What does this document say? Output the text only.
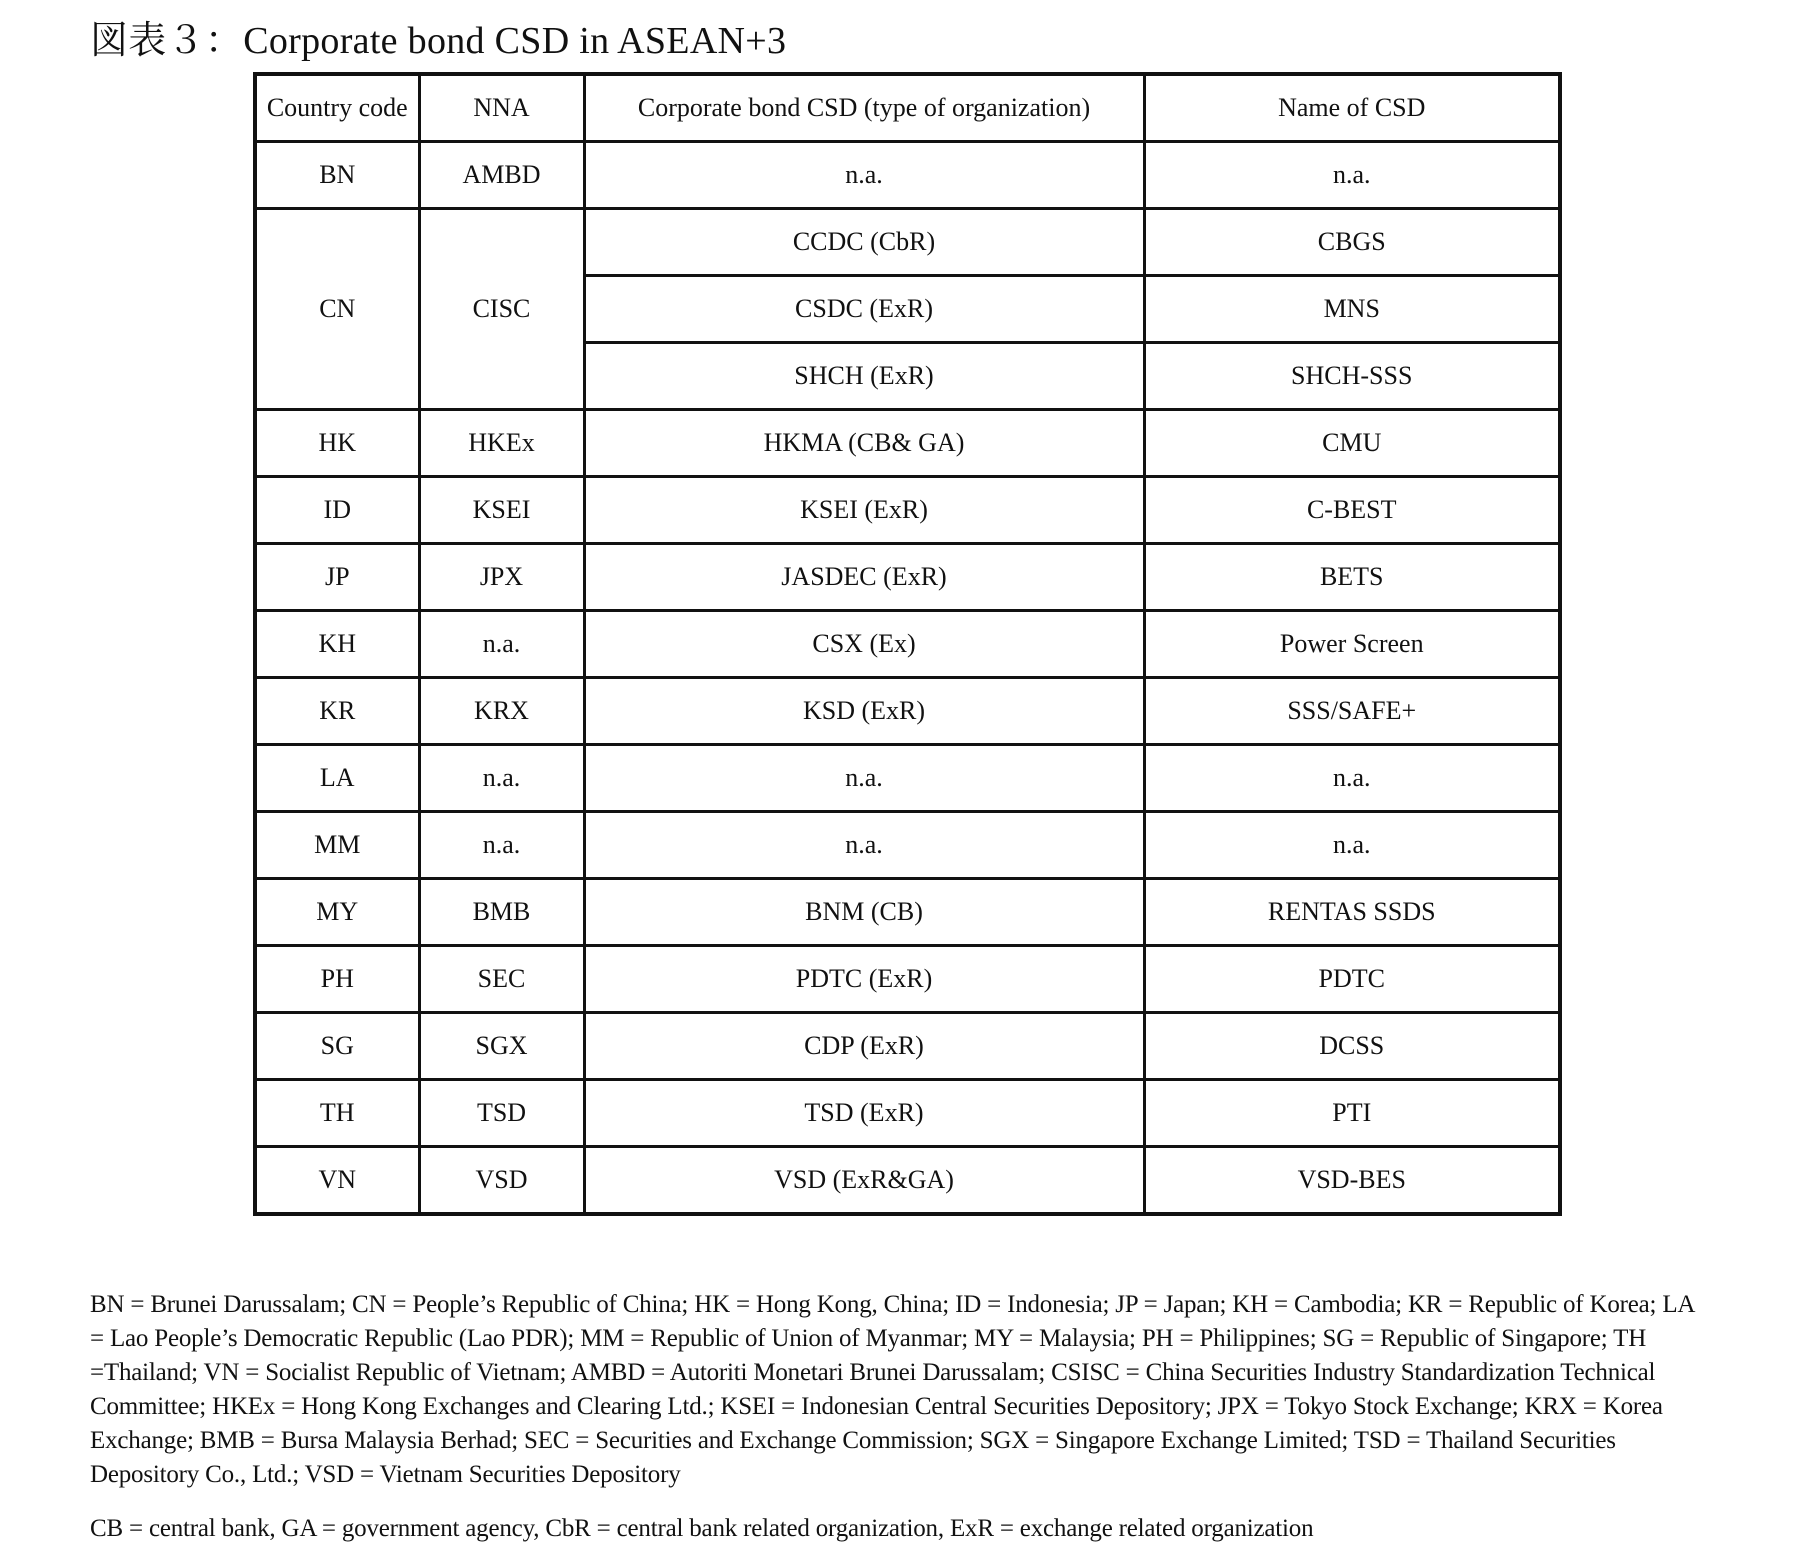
図表３：Corporate bond CSD in ASEAN+3
Country code	NNA	Corporate bond CSD (type of organization)	Name of CSD
BN	AMBD	n.a.	n.a.
CN	CISC	CCDC (CbR)	CBGS
		CSDC (ExR)	MNS
		SHCH (ExR)	SHCH-SSS
HK	HKEx	HKMA (CB& GA)	CMU
ID	KSEI	KSEI (ExR)	C-BEST
JP	JPX	JASDEC (ExR)	BETS
KH	n.a.	CSX (Ex)	Power Screen
KR	KRX	KSD (ExR)	SSS/SAFE+
LA	n.a.	n.a.	n.a.
MM	n.a.	n.a.	n.a.
MY	BMB	BNM (CB)	RENTAS SSDS
PH	SEC	PDTC (ExR)	PDTC
SG	SGX	CDP (ExR)	DCSS
TH	TSD	TSD (ExR)	PTI
VN	VSD	VSD (ExR&GA)	VSD-BES

BN = Brunei Darussalam; CN = People’s Republic of China; HK = Hong Kong, China; ID = Indonesia; JP = Japan; KH = Cambodia; KR = Republic of Korea; LA = Lao People’s Democratic Republic (Lao PDR); MM = Republic of Union of Myanmar; MY = Malaysia; PH = Philippines; SG = Republic of Singapore; TH =Thailand; VN = Socialist Republic of Vietnam; AMBD = Autoriti Monetari Brunei Darussalam; CSISC = China Securities Industry Standardization Technical Committee; HKEx = Hong Kong Exchanges and Clearing Ltd.; KSEI = Indonesian Central Securities Depository; JPX = Tokyo Stock Exchange; KRX = Korea Exchange; BMB = Bursa Malaysia Berhad; SEC = Securities and Exchange Commission; SGX = Singapore Exchange Limited; TSD = Thailand Securities Depository Co., Ltd.; VSD = Vietnam Securities Depository

CB = central bank, GA = government agency, CbR = central bank related organization, ExR = exchange related organization
